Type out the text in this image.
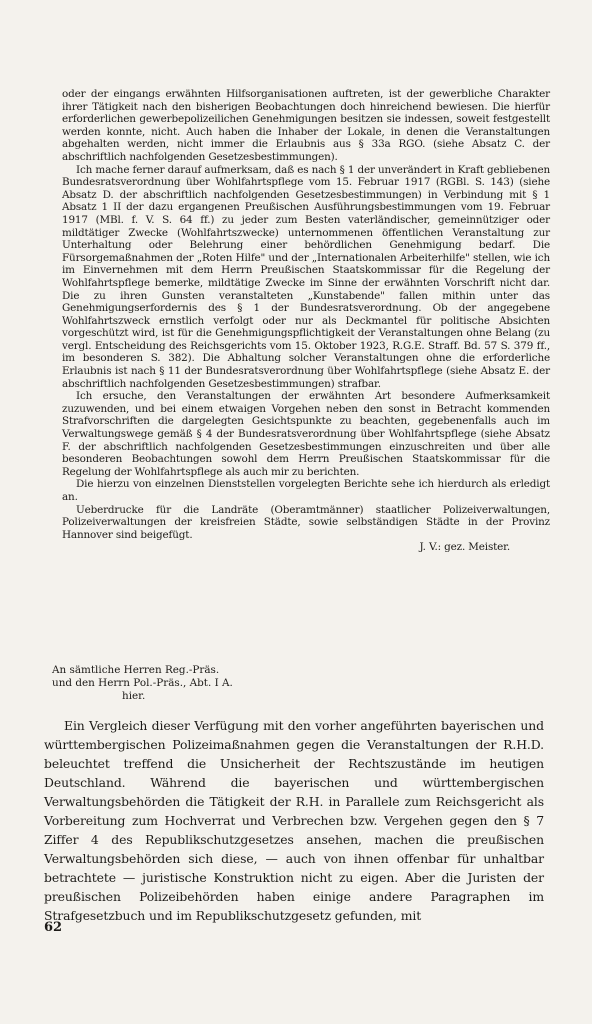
oder der eingangs erwähnten Hilfsorganisationen auftreten, ist der gewerbliche Charakter ihrer Tätigkeit nach den bisherigen Beobachtungen doch hinreichend bewiesen. Die hierfür erforderlichen gewerbepolizeilichen Genehmigungen besitzen sie indessen, soweit festgestellt werden konnte, nicht. Auch haben die Inhaber der Lokale, in denen die Veranstaltungen abgehalten werden, nicht immer die Erlaubnis aus § 33a RGO. (siehe Absatz C. der abschriftlich nachfolgenden Gesetzesbestimmungen).

Ich mache ferner darauf aufmerksam, daß es nach § 1 der unverändert in Kraft gebliebenen Bundesratsverordnung über Wohlfahrtspflege vom 15. Februar 1917 (RGBl. S. 143) (siehe Absatz D. der abschriftlich nachfolgenden Gesetzesbestimmungen) in Verbindung mit § 1 Absatz 1 II der dazu ergangenen Preußischen Ausführungsbestimmungen vom 19. Februar 1917 (MBl. f. V. S. 64 ff.) zu jeder zum Besten vaterländischer, gemeinnütziger oder mildtätiger Zwecke (Wohlfahrtszwecke) unternommenen öffentlichen Veranstaltung zur Unterhaltung oder Belehrung einer behördlichen Genehmigung bedarf. Die Fürsorgemaßnahmen der „Roten Hilfe" und der „Internationalen Arbeiterhilfe" stellen, wie ich im Einvernehmen mit dem Herrn Preußischen Staatskommissar für die Regelung der Wohlfahrtspflege bemerke, mildtätige Zwecke im Sinne der erwähnten Vorschrift nicht dar. Die zu ihren Gunsten veranstalteten „Kunstabende" fallen mithin unter das Genehmigungserfordernis des § 1 der Bundesratsverordnung. Ob der angegebene Wohlfahrtszweck ernstlich verfolgt oder nur als Deckmantel für politische Absichten vorgeschützt wird, ist für die Genehmigungspflichtigkeit der Veranstaltungen ohne Belang (zu vergl. Entscheidung des Reichsgerichts vom 15. Oktober 1923, R.G.E. Straff. Bd. 57 S. 379 ff., im besonderen S. 382). Die Abhaltung solcher Veranstaltungen ohne die erforderliche Erlaubnis ist nach § 11 der Bundesratsverordnung über Wohlfahrtspflege (siehe Absatz E. der abschriftlich nachfolgenden Gesetzesbestimmungen) strafbar.

Ich ersuche, den Veranstaltungen der erwähnten Art besondere Aufmerksamkeit zuzuwenden, und bei einem etwaigen Vorgehen neben den sonst in Betracht kommenden Strafvorschriften die dargelegten Gesichtspunkte zu beachten, gegebenenfalls auch im Verwaltungswege gemäß § 4 der Bundesratsverordnung über Wohlfahrtspflege (siehe Absatz F. der abschriftlich nachfolgenden Gesetzesbestimmungen einzuschreiten und über alle besonderen Beobachtungen sowohl dem Herrn Preußischen Staatskommissar für die Regelung der Wohlfahrtspflege als auch mir zu berichten.

Die hierzu von einzelnen Dienststellen vorgelegten Berichte sehe ich hierdurch als erledigt an.

Ueberdrucke für die Landräte (Oberamtmänner) staatlicher Polizeiverwaltungen, Polizeiverwaltungen der kreisfreien Städte, sowie selbständigen Städte in der Provinz Hannover sind beigefügt.

J. V.: gez. Meister.

An sämtliche Herren Reg.-Präs.
und den Herrn Pol.-Präs., Abt. I A.
hier.

Ein Vergleich dieser Verfügung mit den vorher angeführten bayerischen und württembergischen Polizeimaßnahmen gegen die Veranstaltungen der R.H.D. beleuchtet treffend die Unsicherheit der Rechtszustände im heutigen Deutschland. Während die bayerischen und württembergischen Verwaltungsbehörden die Tätigkeit der R.H. in Parallele zum Reichsgericht als Vorbereitung zum Hochverrat und Verbrechen bzw. Vergehen gegen den § 7 Ziffer 4 des Republikschutzgesetzes ansehen, machen die preußischen Verwaltungsbehörden sich diese, — auch von ihnen offenbar für unhaltbar betrachtete — juristische Konstruktion nicht zu eigen. Aber die Juristen der preußischen Polizeibehörden haben einige andere Paragraphen im Strafgesetzbuch und im Republikschutzgesetz gefunden, mit

62
